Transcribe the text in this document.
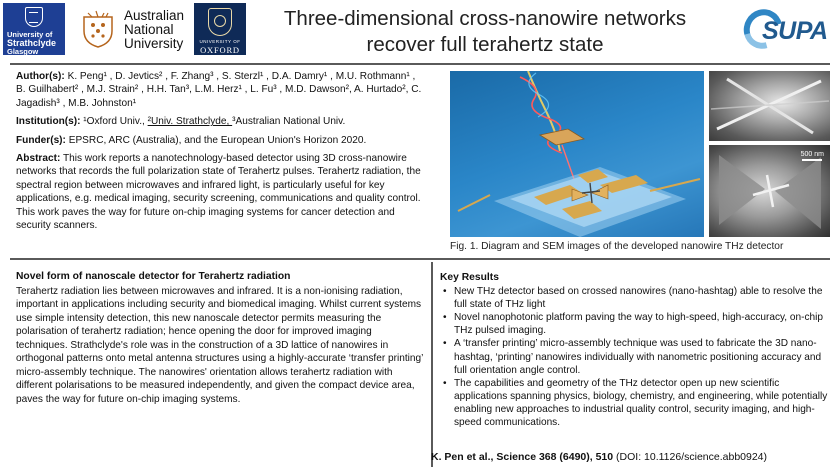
University of
Strathclyde
Glasgow
Australian
National
University	UNIVERSITY OF
OXFORD
Three-dimensional cross-nanowire networks
recover full terahertz state	SUPA

Author(s): K. Peng¹ , D. Jevtics² , F. Zhang³ , S. Sterzl¹ , D.A. Damry¹ , M.U. Rothmann¹ , B. Guilhabert² , M.J. Strain² , H.H. Tan³, L.M. Herz¹ , L. Fu³ , M.D. Dawson², A. Hurtado², C. Jagadish³ , M.B. Johnston¹

Institution(s): ¹Oxford Univ., ²Univ. Strathclyde, ³Australian National Univ.

Funder(s): EPSRC, ARC (Australia), and the European Union's Horizon 2020.

Abstract: This work reports a nanotechnology-based detector using 3D cross-nanowire networks that records the full polarization state of Terahertz pulses. Terahertz radiation, the spectral region between microwaves and infrared light, is particularly useful for key applications, e.g. medical imaging, security screening, communications and quality control. This work paves the way for future on-chip imaging systems for cancer detection and security scanners.

500 nm
Fig. 1. Diagram and SEM images of the developed nanowire THz detector
Novel form of nanoscale detector for Terahertz radiation

Terahertz radiation lies between microwaves and infrared. It is a non-ionising radiation, important in applications including security and biomedical imaging. Whilst current systems use simple intensity detection, this new nanoscale detector permits measuring the polarisation of terahertz radiation; hence opening the door for improved imaging techniques. Strathclyde's role was in the construction of a 3D lattice of nanowires in orthogonal patterns onto metal antenna structures using a highly-accurate ‘transfer printing’ micro-assembly technique. The nanowires' orientation allows terahertz radiation with different polarisations to be measured independently, and given the compact device area, paves the way for future on-chip imaging systems.

Key Results
• New THz detector based on crossed nanowires (nano-hashtag) able to resolve the full state of THz light
• Novel nanophotonic platform paving the way to high-speed, high-accuracy, on-chip THz pulsed imaging.
• A ‘transfer printing’ micro-assembly technique was used to fabricate the 3D nano-hashtag, ‘printing’ nanowires individually with nanometric positioning accuracy and full orientation angle control.
• The capabilities and geometry of the THz detector open up new scientific applications spanning physics, biology, chemistry, and engineering, while potentially enabling new approaches to industrial quality control, security imaging, and high-speed communications.
K. Pen et al., Science 368 (6490), 510 (DOI: 10.1126/science.abb0924)
